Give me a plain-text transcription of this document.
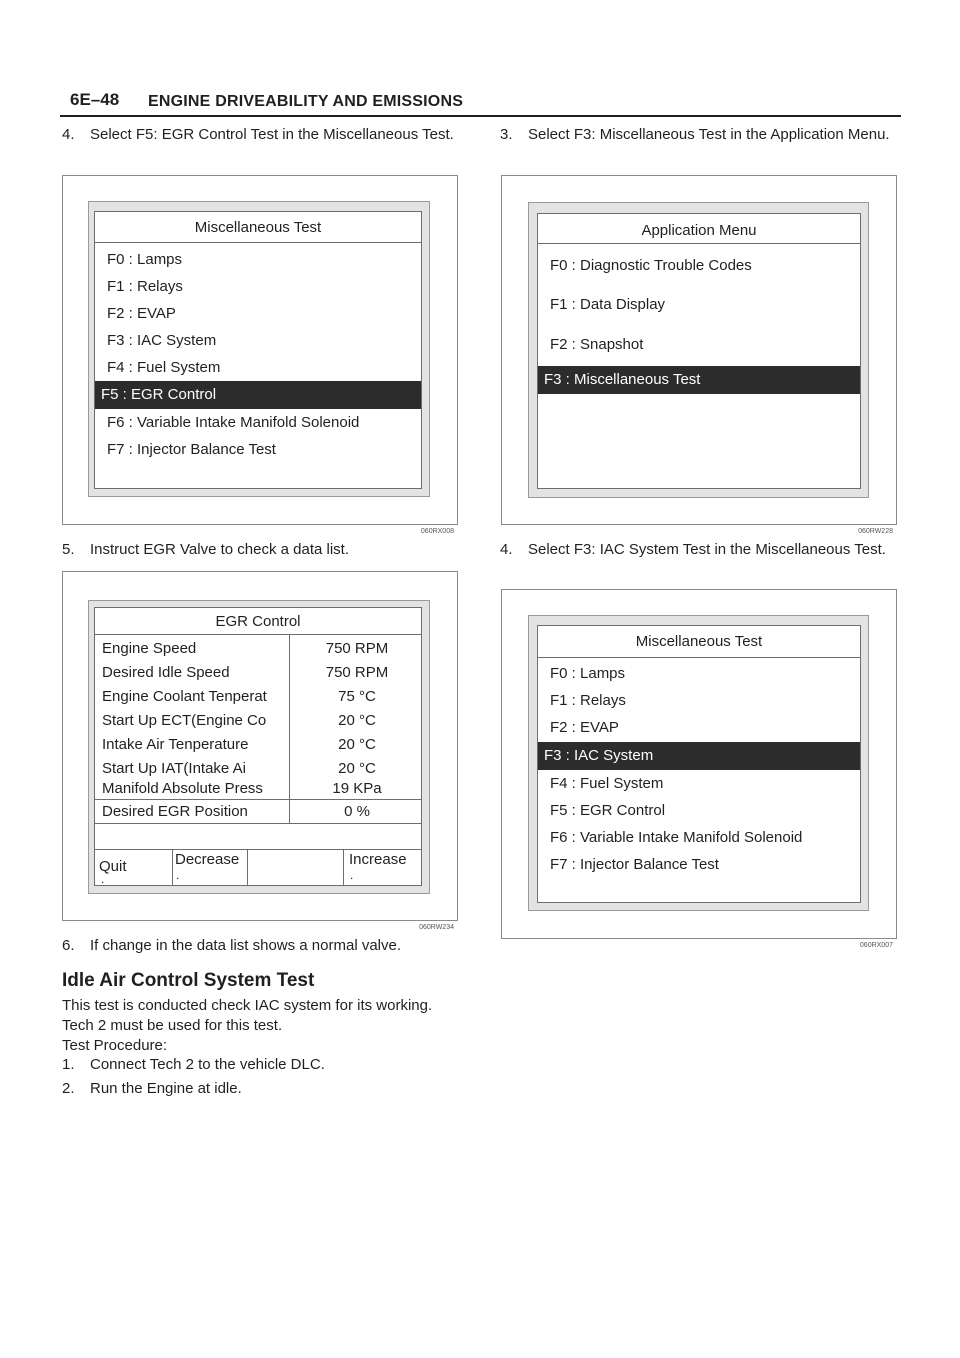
6E–48 ENGINE DRIVEABILITY AND EMISSIONS
4. Select F5: EGR Control Test in the Miscellaneous Test.
Miscellaneous Test
F0 : Lamps
F1 : Relays
F2 : EVAP
F3 : IAC System
F4 : Fuel System
F5 : EGR Control
F6 : Variable Intake Manifold Solenoid
F7 : Injector Balance Test
060RX008
5. Instruct EGR Valve to check a data list.
EGR Control
Engine Speed	750 RPM
Desired Idle Speed	750 RPM
Engine Coolant Tenperat	75 °C
Start Up ECT(Engine Co	20 °C
Intake Air Tenperature	20 °C
Start Up IAT(Intake Ai	20 °C
Manifold Absolute Press	19 KPa
Desired EGR Position	0 %
Quit
.
Decrease
.
Increase
.
060RW234
6. If change in the data list shows a normal valve.
Idle Air Control System Test
This test is conducted check IAC system for its working.
Tech 2 must be used for this test.
Test Procedure:
1. Connect Tech 2 to the vehicle DLC.
2. Run the Engine at idle.
3. Select F3: Miscellaneous Test in the Application Menu.
Application Menu
F0 : Diagnostic Trouble Codes
F1 : Data Display
F2 : Snapshot
F3 : Miscellaneous Test
060RW228
4. Select F3: IAC System Test in the Miscellaneous Test.
Miscellaneous Test
F0 : Lamps
F1 : Relays
F2 : EVAP
F3 : IAC System
F4 : Fuel System
F5 : EGR Control
F6 : Variable Intake Manifold Solenoid
F7 : Injector Balance Test
060RX007
